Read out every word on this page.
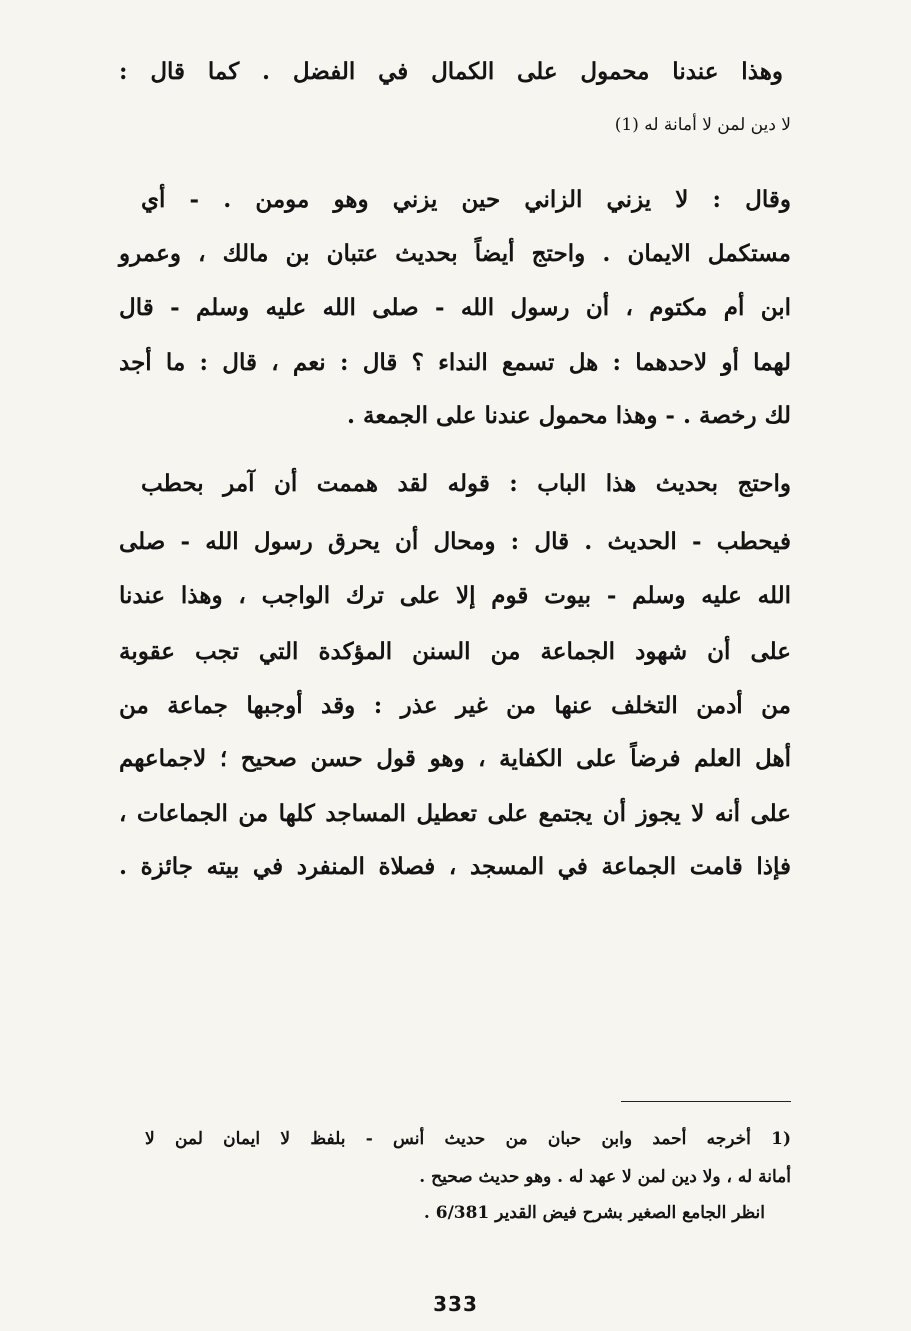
وهذا عندنا محمول على الكمال في الفضل . كما قال :
لا دين لمن لا أمانة له (1)
وقال : لا يزني الزاني حين يزني وهو مومن . - أي
مستكمل الايمان . واحتج أيضاً بحديث عتبان بن مالك ، وعمرو
ابن أم مكتوم ، أن رسول الله - صلى الله عليه وسلم - قال
لهما أو لاحدهما : هل تسمع النداء ؟ قال : نعم ، قال : ما أجد
لك رخصة . - وهذا محمول عندنا على الجمعة .
واحتج بحديث هذا الباب : قوله لقد هممت أن آمر بحطب
فيحطب - الحديث . قال : ومحال أن يحرق رسول الله - صلى
الله عليه وسلم - بيوت قوم إلا على ترك الواجب ، وهذا عندنا
على أن شهود الجماعة من السنن المؤكدة التي تجب عقوبة
من أدمن التخلف عنها من غير عذر : وقد أوجبها جماعة من
أهل العلم فرضاً على الكفاية ، وهو قول حسن صحيح ؛ لاجماعهم
على أنه لا يجوز أن يجتمع على تعطيل المساجد كلها من الجماعات ،
فإذا قامت الجماعة في المسجد ، فصلاة المنفرد في بيته جائزة .
(1 أخرجه أحمد وابن حبان من حديث أنس - بلفظ لا ايمان لمن لا
أمانة له ، ولا دين لمن لا عهد له . وهو حديث صحيح .
انظر الجامع الصغير بشرح فيض القدير 6/381 .
333
